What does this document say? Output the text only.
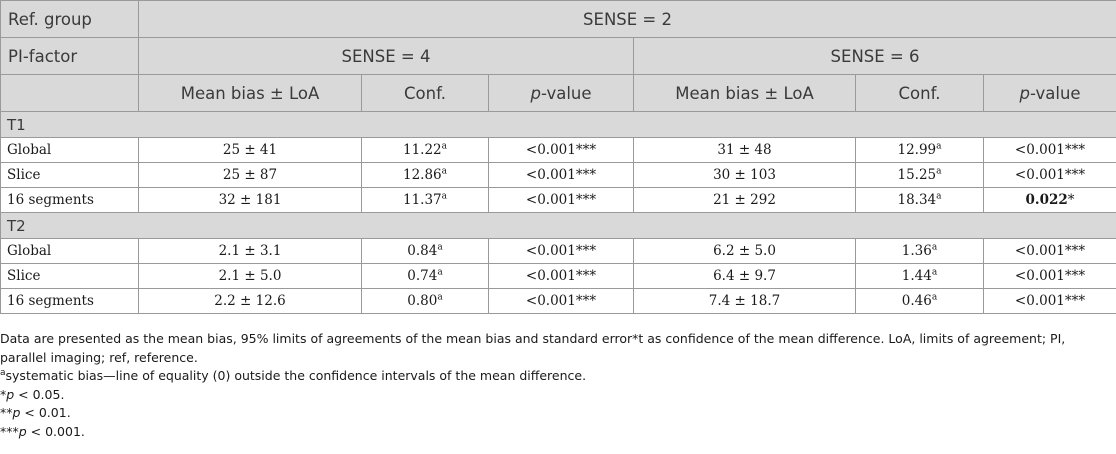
Ref. group	SENSE = 2					
PI-factor	SENSE = 4			SENSE = 6		
	Mean bias ± LoA	Conf.	p-value	Mean bias ± LoA	Conf.	p-value
T1						
Global	25 ± 41	11.22$^a$	<0.001***	31 ± 48	12.99$^a$	<0.001***
Slice	25 ± 87	12.86$^a$	<0.001***	30 ± 103	15.25$^a$	<0.001***
16 segments	32 ± 181	11.37$^a$	<0.001***	21 ± 292	18.34$^a$	0.022*
T2						
Global	2.1 ± 3.1	0.84$^a$	<0.001***	6.2 ± 5.0	1.36$^a$	<0.001***
Slice	2.1 ± 5.0	0.74$^a$	<0.001***	6.4 ± 9.7	1.44$^a$	<0.001***
16 segments	2.2 ± 12.6	0.80$^a$	<0.001***	7.4 ± 18.7	0.46$^a$	<0.001***

Data are presented as the mean bias, 95% limits of agreements of the mean bias and standard error*t as confidence of the mean difference. LoA, limits of agreement; PI, parallel imaging; ref, reference.

$^a$systematic bias—line of equality (0) outside the confidence intervals of the mean difference.

*p < 0.05.

**p < 0.01.

***p < 0.001.
